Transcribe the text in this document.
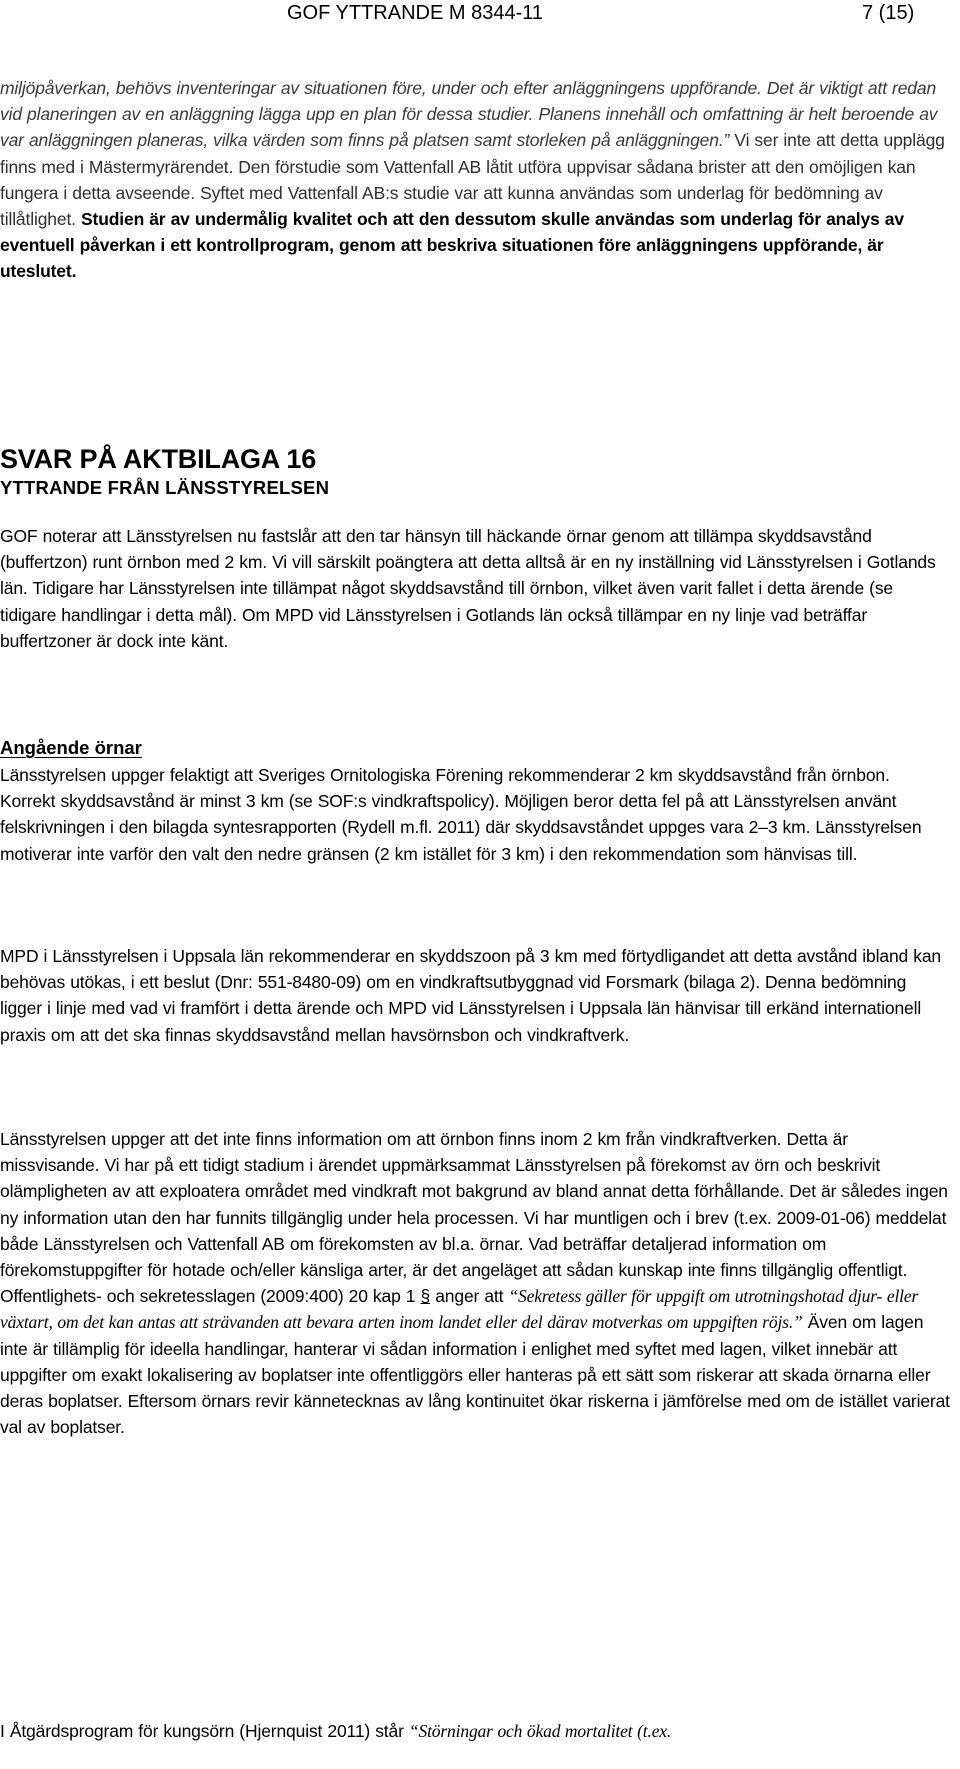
GOF YTTRANDE M 8344-11	7 (15)

miljöpåverkan, behövs inventeringar av situationen före, under och efter anläggningens uppförande. Det är viktigt att redan vid planeringen av en anläggning lägga upp en plan för dessa studier. Planens innehåll och omfattning är helt beroende av var anläggningen planeras, vilka värden som finns på platsen samt storleken på anläggningen.” Vi ser inte att detta upplägg finns med i Mästermyrärendet. Den förstudie som Vattenfall AB låtit utföra uppvisar sådana brister att den omöjligen kan fungera i detta avseende. Syftet med Vattenfall AB:s studie var att kunna användas som underlag för bedömning av tillåtlighet. Studien är av undermålig kvalitet och att den dessutom skulle användas som underlag för analys av eventuell påverkan i ett kontrollprogram, genom att beskriva situationen före anläggningens uppförande, är uteslutet.

SVAR PÅ AKTBILAGA 16
YTTRANDE FRÅN LÄNSSTYRELSEN

GOF noterar att Länsstyrelsen nu fastslår att den tar hänsyn till häckande örnar genom att tillämpa skyddsavstånd (buffertzon) runt örnbon med 2 km. Vi vill särskilt poängtera att detta alltså är en ny inställning vid Länsstyrelsen i Gotlands län. Tidigare har Länsstyrelsen inte tillämpat något skyddsavstånd till örnbon, vilket även varit fallet i detta ärende (se tidigare handlingar i detta mål). Om MPD vid Länsstyrelsen i Gotlands län också tillämpar en ny linje vad beträffar buffertzoner är dock inte känt.

Angående örnar

Länsstyrelsen uppger felaktigt att Sveriges Ornitologiska Förening rekommenderar 2 km skyddsavstånd från örnbon. Korrekt skyddsavstånd är minst 3 km (se SOF:s vindkraftspolicy). Möjligen beror detta fel på att Länsstyrelsen använt felskrivningen i den bilagda syntesrapporten (Rydell m.fl. 2011) där skyddsavståndet uppges vara 2–3 km. Länsstyrelsen motiverar inte varför den valt den nedre gränsen (2 km istället för 3 km) i den rekommendation som hänvisas till.

MPD i Länsstyrelsen i Uppsala län rekommenderar en skyddszoon på 3 km med förtydligandet att detta avstånd ibland kan behövas utökas, i ett beslut (Dnr: 551-8480-09) om en vindkraftsutbyggnad vid Forsmark (bilaga 2). Denna bedömning ligger i linje med vad vi framfört i detta ärende och MPD vid Länsstyrelsen i Uppsala län hänvisar till erkänd internationell praxis om att det ska finnas skyddsavstånd mellan havsörnsbon och vindkraftverk.

Länsstyrelsen uppger att det inte finns information om att örnbon finns inom 2 km från vindkraftverken. Detta är missvisande. Vi har på ett tidigt stadium i ärendet uppmärksammat Länsstyrelsen på förekomst av örn och beskrivit olämpligheten av att exploatera området med vindkraft mot bakgrund av bland annat detta förhållande. Det är således ingen ny information utan den har funnits tillgänglig under hela processen. Vi har muntligen och i brev (t.ex. 2009-01-06) meddelat både Länsstyrelsen och Vattenfall AB om förekomsten av bl.a. örnar. Vad beträffar detaljerad information om förekomstuppgifter för hotade och/eller känsliga arter, är det angeläget att sådan kunskap inte finns tillgänglig offentligt. Offentlighets- och sekretesslagen (2009:400) 20 kap 1 § anger att “Sekretess gäller för uppgift om utrotningshotad djur- eller växtart, om det kan antas att strävanden att bevara arten inom landet eller del därav motverkas om uppgiften röjs.” Även om lagen inte är tillämplig för ideella handlingar, hanterar vi sådan information i enlighet med syftet med lagen, vilket innebär att uppgifter om exakt lokalisering av boplatser inte offentliggörs eller hanteras på ett sätt som riskerar att skada örnarna eller deras boplatser. Eftersom örnars revir kännetecknas av lång kontinuitet ökar riskerna i jämförelse med om de istället varierat val av boplatser.

I Åtgärdsprogram för kungsörn (Hjernquist 2011) står “Störningar och ökad mortalitet (t.ex.
